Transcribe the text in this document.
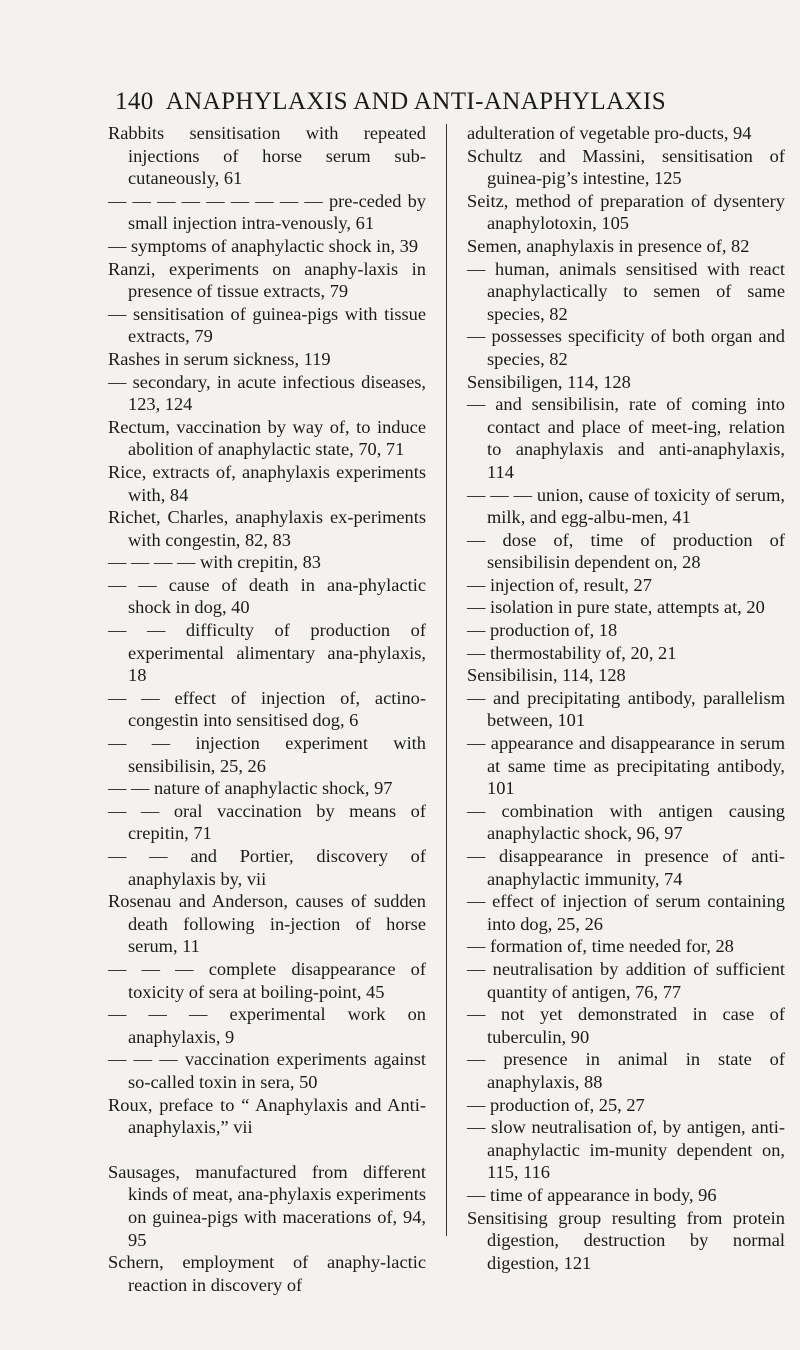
140 ANAPHYLAXIS AND ANTI-ANAPHYLAXIS
Rabbits sensitisation with repeated injections of horse serum sub-cutaneously, 61
— — — — — — — — — pre-ceded by small injection intra-venously, 61
— symptoms of anaphylactic shock in, 39
Ranzi, experiments on anaphy-laxis in presence of tissue extracts, 79
— sensitisation of guinea-pigs with tissue extracts, 79
Rashes in serum sickness, 119
— secondary, in acute infectious diseases, 123, 124
Rectum, vaccination by way of, to induce abolition of anaphylactic state, 70, 71
Rice, extracts of, anaphylaxis experiments with, 84
Richet, Charles, anaphylaxis ex-periments with congestin, 82, 83
— — — — with crepitin, 83
— — cause of death in ana-phylactic shock in dog, 40
— — difficulty of production of experimental alimentary ana-phylaxis, 18
— — effect of injection of, actino-congestin into sensitised dog, 6
— — injection experiment with sensibilisin, 25, 26
— — nature of anaphylactic shock, 97
— — oral vaccination by means of crepitin, 71
— — and Portier, discovery of anaphylaxis by, vii
Rosenau and Anderson, causes of sudden death following in-jection of horse serum, 11
— — — complete disappearance of toxicity of sera at boiling-point, 45
— — — experimental work on anaphylaxis, 9
— — — vaccination experiments against so-called toxin in sera, 50
Roux, preface to “ Anaphylaxis and Anti-anaphylaxis,” vii
Sausages, manufactured from different kinds of meat, ana-phylaxis experiments on guinea-pigs with macerations of, 94, 95
Schern, employment of anaphy-lactic reaction in discovery of
adulteration of vegetable pro-ducts, 94
Schultz and Massini, sensitisation of guinea-pig’s intestine, 125
Seitz, method of preparation of dysentery anaphylotoxin, 105
Semen, anaphylaxis in presence of, 82
— human, animals sensitised with react anaphylactically to semen of same species, 82
— possesses specificity of both organ and species, 82
Sensibiligen, 114, 128
— and sensibilisin, rate of coming into contact and place of meet-ing, relation to anaphylaxis and anti-anaphylaxis, 114
— — — union, cause of toxicity of serum, milk, and egg-albu-men, 41
— dose of, time of production of sensibilisin dependent on, 28
— injection of, result, 27
— isolation in pure state, attempts at, 20
— production of, 18
— thermostability of, 20, 21
Sensibilisin, 114, 128
— and precipitating antibody, parallelism between, 101
— appearance and disappearance in serum at same time as precipitating antibody, 101
— combination with antigen causing anaphylactic shock, 96, 97
— disappearance in presence of anti-anaphylactic immunity, 74
— effect of injection of serum containing into dog, 25, 26
— formation of, time needed for, 28
— neutralisation by addition of sufficient quantity of antigen, 76, 77
— not yet demonstrated in case of tuberculin, 90
— presence in animal in state of anaphylaxis, 88
— production of, 25, 27
— slow neutralisation of, by antigen, anti-anaphylactic im-munity dependent on, 115, 116
— time of appearance in body, 96
Sensitising group resulting from protein digestion, destruction by normal digestion, 121
